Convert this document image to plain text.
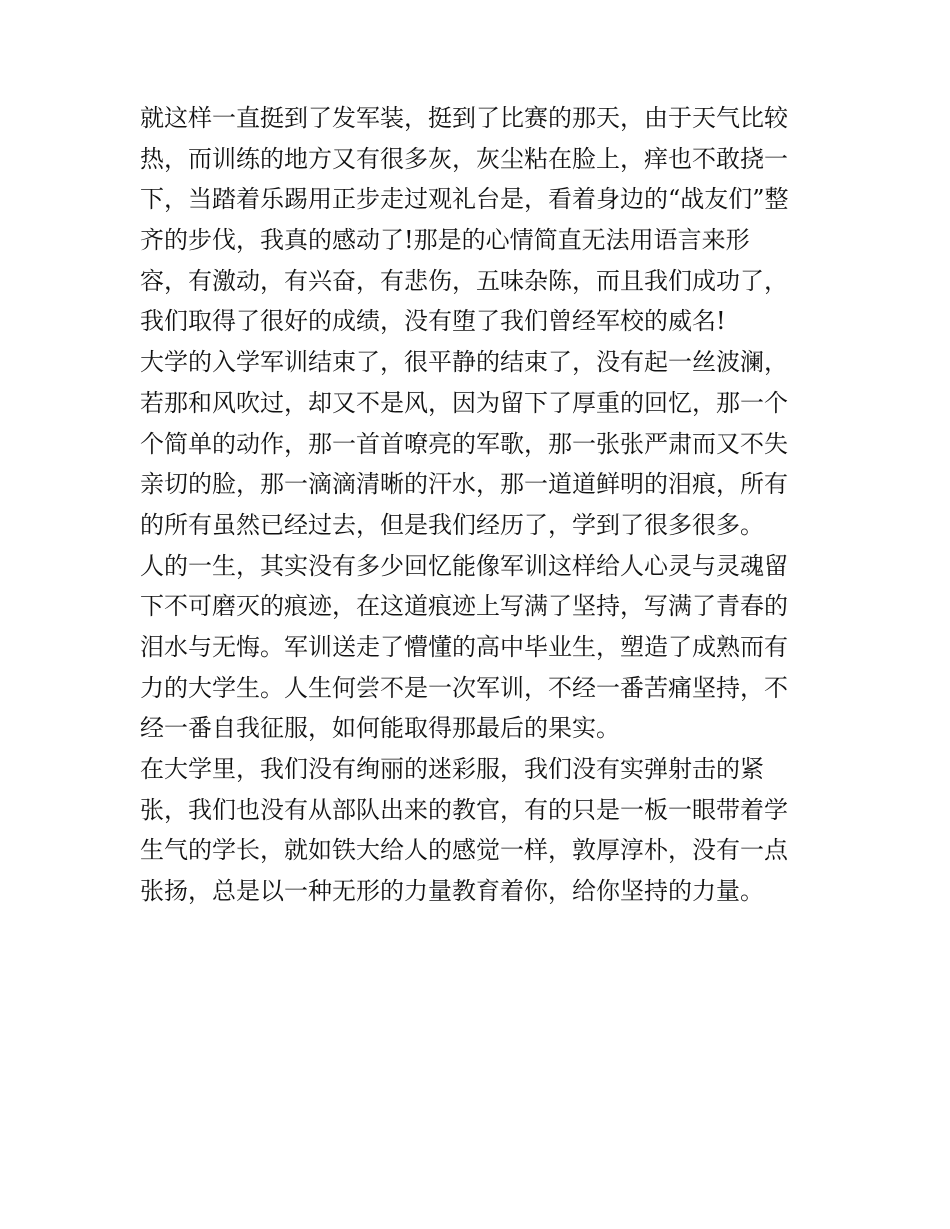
就这样一直挺到了发军装，挺到了比赛的那天，由于天气比较
热，而训练的地方又有很多灰，灰尘粘在脸上，痒也不敢挠一
下，当踏着乐踢用正步走过观礼台是，看着身边的“战友们”整
齐的步伐，我真的感动了!那是的心情简直无法用语言来形
容，有激动，有兴奋，有悲伤，五味杂陈，而且我们成功了，
我们取得了很好的成绩，没有堕了我们曾经军校的威名!
大学的入学军训结束了，很平静的结束了，没有起一丝波澜，
若那和风吹过，却又不是风，因为留下了厚重的回忆，那一个
个简单的动作，那一首首嘹亮的军歌，那一张张严肃而又不失
亲切的脸，那一滴滴清晰的汗水，那一道道鲜明的泪痕，所有
的所有虽然已经过去，但是我们经历了，学到了很多很多。
人的一生，其实没有多少回忆能像军训这样给人心灵与灵魂留
下不可磨灭的痕迹，在这道痕迹上写满了坚持，写满了青春的
泪水与无悔。军训送走了懵懂的高中毕业生，塑造了成熟而有
力的大学生。人生何尝不是一次军训，不经一番苦痛坚持，不
经一番自我征服，如何能取得那最后的果实。
在大学里，我们没有绚丽的迷彩服，我们没有实弹射击的紧
张，我们也没有从部队出来的教官，有的只是一板一眼带着学
生气的学长，就如铁大给人的感觉一样，敦厚淳朴，没有一点
张扬，总是以一种无形的力量教育着你，给你坚持的力量。
